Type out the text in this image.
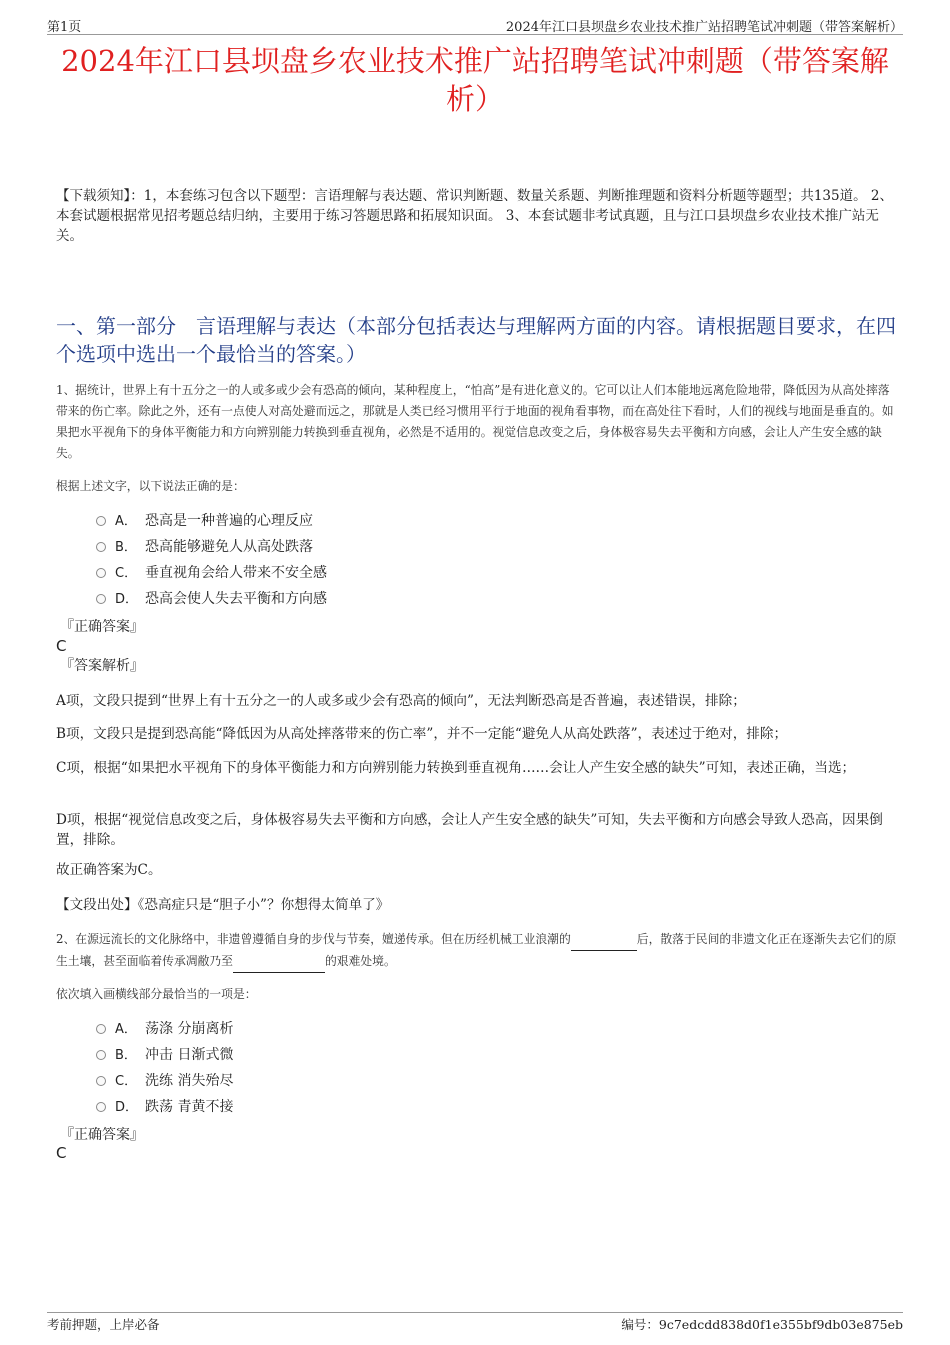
第1页	2024年江口县坝盘乡农业技术推广站招聘笔试冲刺题（带答案解析）
2024年江口县坝盘乡农业技术推广站招聘笔试冲刺题（带答案解析）

【下载须知】：1，本套练习包含以下题型：言语理解与表达题、常识判断题、数量关系题、判断推理题和资料分析题等题型；共135道。 2、本套试题根据常见招考题总结归纳，主要用于练习答题思路和拓展知识面。 3、本套试题非考试真题，且与江口县坝盘乡农业技术推广站无关。

一、第一部分　言语理解与表达（本部分包括表达与理解两方面的内容。请根据题目要求，在四个选项中选出一个最恰当的答案。）

1、据统计，世界上有十五分之一的人或多或少会有恐高的倾向，某种程度上，“怕高”是有进化意义的。它可以让人们本能地远离危险地带，降低因为从高处摔落带来的伤亡率。除此之外，还有一点使人对高处避而远之，那就是人类已经习惯用平行于地面的视角看事物，而在高处往下看时，人们的视线与地面是垂直的。如果把水平视角下的身体平衡能力和方向辨别能力转换到垂直视角，必然是不适用的。视觉信息改变之后，身体极容易失去平衡和方向感，会让人产生安全感的缺失。

根据上述文字，以下说法正确的是：

A． 恐高是一种普遍的心理反应
B． 恐高能够避免人从高处跌落
C． 垂直视角会给人带来不安全感
D． 恐高会使人失去平衡和方向感
『正确答案』
C
『答案解析』

A项，文段只提到“世界上有十五分之一的人或多或少会有恐高的倾向”，无法判断恐高是否普遍，表述错误，排除；

B项，文段只是提到恐高能“降低因为从高处摔落带来的伤亡率”，并不一定能“避免人从高处跌落”，表述过于绝对，排除；

C项，根据“如果把水平视角下的身体平衡能力和方向辨别能力转换到垂直视角……会让人产生安全感的缺失”可知，表述正确，当选；

D项，根据“视觉信息改变之后，身体极容易失去平衡和方向感，会让人产生安全感的缺失”可知，失去平衡和方向感会导致人恐高，因果倒置，排除。

故正确答案为C。

【文段出处】《恐高症只是“胆子小”？你想得太简单了》

2、在源远流长的文化脉络中，非遗曾遵循自身的步伐与节奏，嬗递传承。但在历经机械工业浪潮的	后，散落于民间的非遗文化正在逐渐失去它们的原生土壤，甚至面临着传承凋敝乃至	的艰难处境。

依次填入画横线部分最恰当的一项是：

A． 荡涤 分崩离析
B． 冲击 日渐式微
C． 洗练 消失殆尽
D． 跌荡 青黄不接
『正确答案』
C
考前押题，上岸必备	编号：9c7edcdd838d0f1e355bf9db03e875eb
